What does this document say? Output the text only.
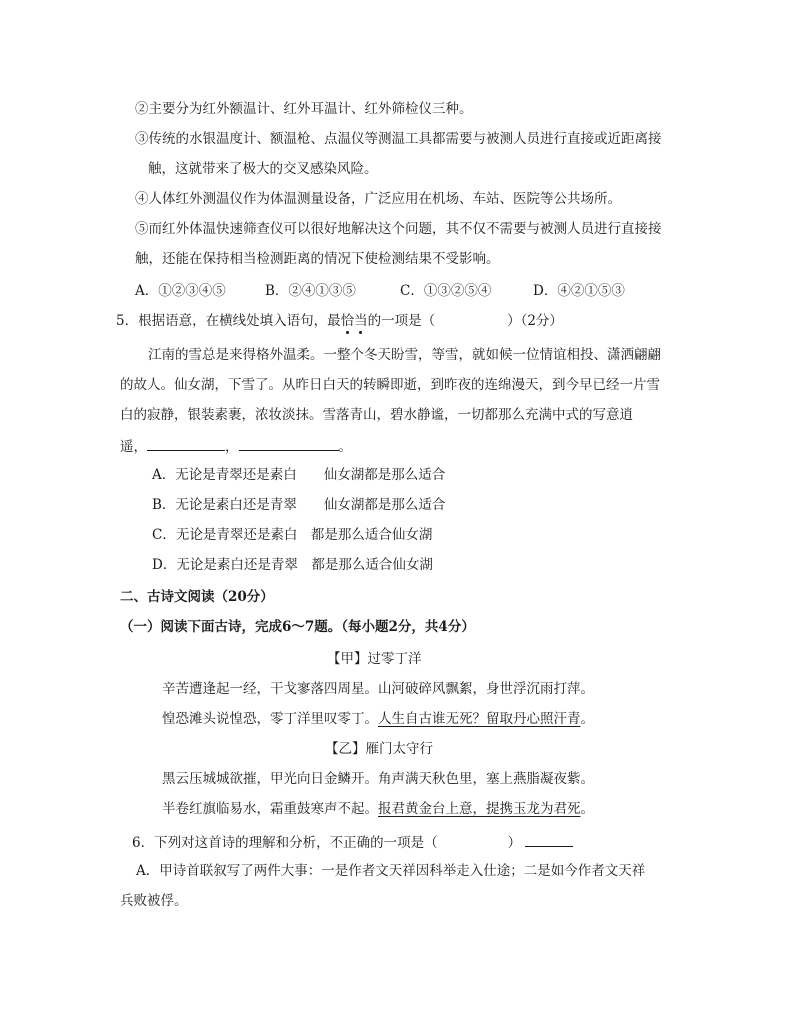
②主要分为红外额温计、红外耳温计、红外筛检仪三种。
③传统的水银温度计、额温枪、点温仪等测温工具都需要与被测人员进行直接或近距离接
触，这就带来了极大的交叉感染风险。
④人体红外测温仪作为体温测量设备，广泛应用在机场、车站、医院等公共场所。
⑤而红外体温快速筛查仪可以很好地解决这个问题，其不仅不需要与被测人员进行直接接
触，还能在保持相当检测距离的情况下使检测结果不受影响。
A．①②③④⑤	B．②④①③⑤	C．①③②⑤④	D．④②①⑤③
5．根据语意，在横线处填入语句，最恰当的一项是（	）（2分）
江南的雪总是来得格外温柔。一整个冬天盼雪，等雪，就如候一位情谊相投、潇洒翩翩
的故人。仙女湖，下雪了。从昨日白天的转瞬即逝，到昨夜的连绵漫天，到今早已经一片雪
白的寂静，银装素裹，浓妆淡抹。雪落青山，碧水静谧，一切都那么充满中式的写意逍
遥，	，	。
A．无论是青翠还是素白　　仙女湖都是那么适合
B．无论是素白还是青翠　　仙女湖都是那么适合
C．无论是青翠还是素白　都是那么适合仙女湖
D．无论是素白还是青翠　都是那么适合仙女湖
二、古诗文阅读（20分）
（一）阅读下面古诗，完成6～7题。（每小题2分，共4分）
【甲】过零丁洋
辛苦遭逢起一经，干戈寥落四周星。山河破碎风飘絮，身世浮沉雨打萍。
惶恐滩头说惶恐，零丁洋里叹零丁。人生自古谁无死？留取丹心照汗青。
【乙】雁门太守行
黑云压城城欲摧，甲光向日金鳞开。角声满天秋色里，塞上燕脂凝夜紫。
半卷红旗临易水，霜重鼓寒声不起。报君黄金台上意，提携玉龙为君死。
6．下列对这首诗的理解和分析，不正确的一项是（	）
A．甲诗首联叙写了两件大事：一是作者文天祥因科举走入仕途；二是如今作者文天祥
兵败被俘。
